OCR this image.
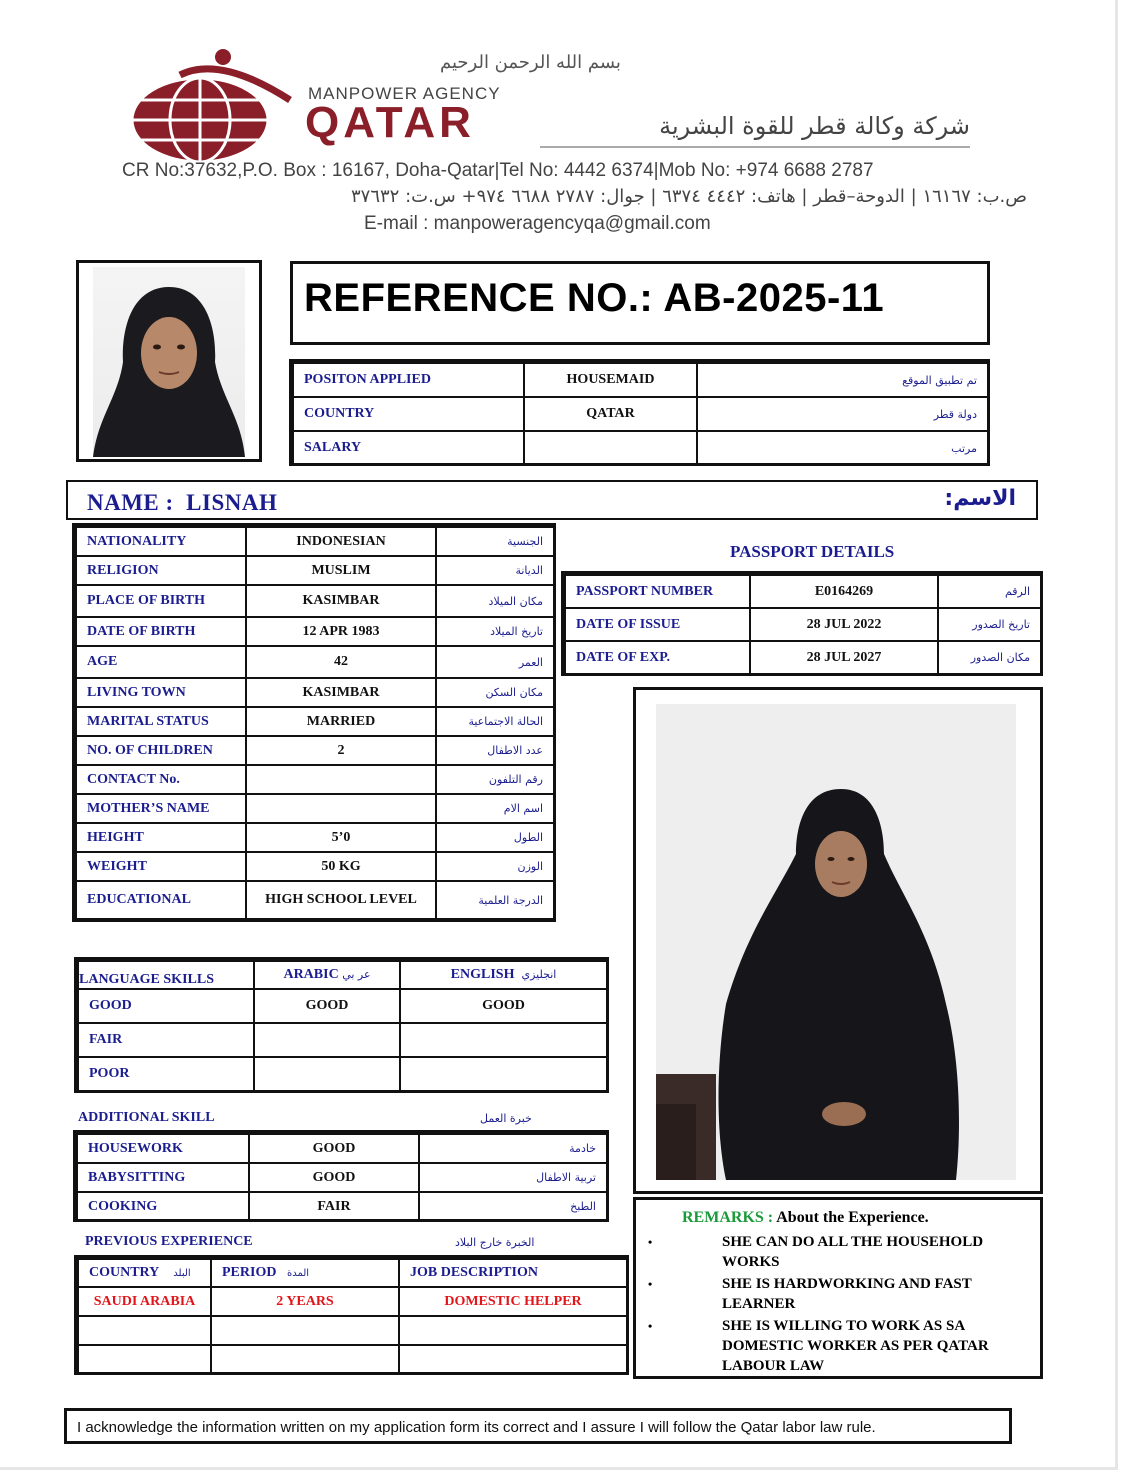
بسم الله الرحمن الرحيم
MANPOWER AGENCY
QATAR	شركة وكالة قطر للقوة البشرية
CR No:37632,P.O. Box : 16167, Doha-Qatar|Tel No: 4442 6374|Mob No: +974 6688 2787
ص.ب: ١٦١٦٧ | الدوحة–قطر | هاتف: ٤٤٤٢ ٦٣٧٤ | جوال: ٢٧٨٧ ٦٦٨٨ ٩٧٤+ س.ت: ٣٧٦٣٢
E-mail : manpoweragencyqa@gmail.com
REFERENCE NO.: AB-2025-11
POSITON APPLIED	HOUSEMAID	تم تطبيق الموقع
COUNTRY	QATAR	دولة قطر
SALARY		مرتب
NAME :  LISNAH	الاسم:
NATIONALITY	INDONESIAN	الجنسية
RELIGION	MUSLIM	الديانة
PLACE OF BIRTH	KASIMBAR	مكان الميلاد
DATE OF BIRTH	12 APR 1983	تاريخ الميلاد
AGE	42	العمر
LIVING TOWN	KASIMBAR	مكان السكن
MARITAL STATUS	MARRIED	الحالة الاجتماعية
NO. OF CHILDREN	2	عدد الاطفال
CONTACT No.		رقم التلفون
MOTHER’S NAME		اسم الام
HEIGHT	5’0	الطول
WEIGHT	50 KG	الوزن
EDUCATIONAL	HIGH SCHOOL LEVEL	الدرجة العلمية
PASSPORT DETAILS
PASSPORT NUMBER	E0164269	الرقم
DATE OF ISSUE	28 JUL 2022	تاريخ الصدور
DATE OF EXP.	28 JUL 2027	مكان الصدور
LANGUAGE SKILLS	ARABIC عر بي	ENGLISH انجليزي
GOOD	GOOD	GOOD
FAIR		
POOR		
ADDITIONAL SKILL	خبرة العمل
HOUSEWORK	GOOD	خادمة
BABYSITTING	GOOD	تربية الاطفال
COOKING	FAIR	الطبخ
PREVIOUS EXPERIENCE	الخبرة خارج البلاد
COUNTRY البلد	PERIOD المدة	JOB DESCRIPTION
SAUDI ARABIA	2 YEARS	DOMESTIC HELPER

REMARKS : About the Experience.
•	SHE CAN DO ALL THE HOUSEHOLD WORKS
•	SHE IS HARDWORKING AND FAST LEARNER
•	SHE IS WILLING TO WORK AS SA DOMESTIC WORKER AS PER QATAR LABOUR LAW
I acknowledge the information written on my application form its correct and I assure I will follow the Qatar labor law rule.
